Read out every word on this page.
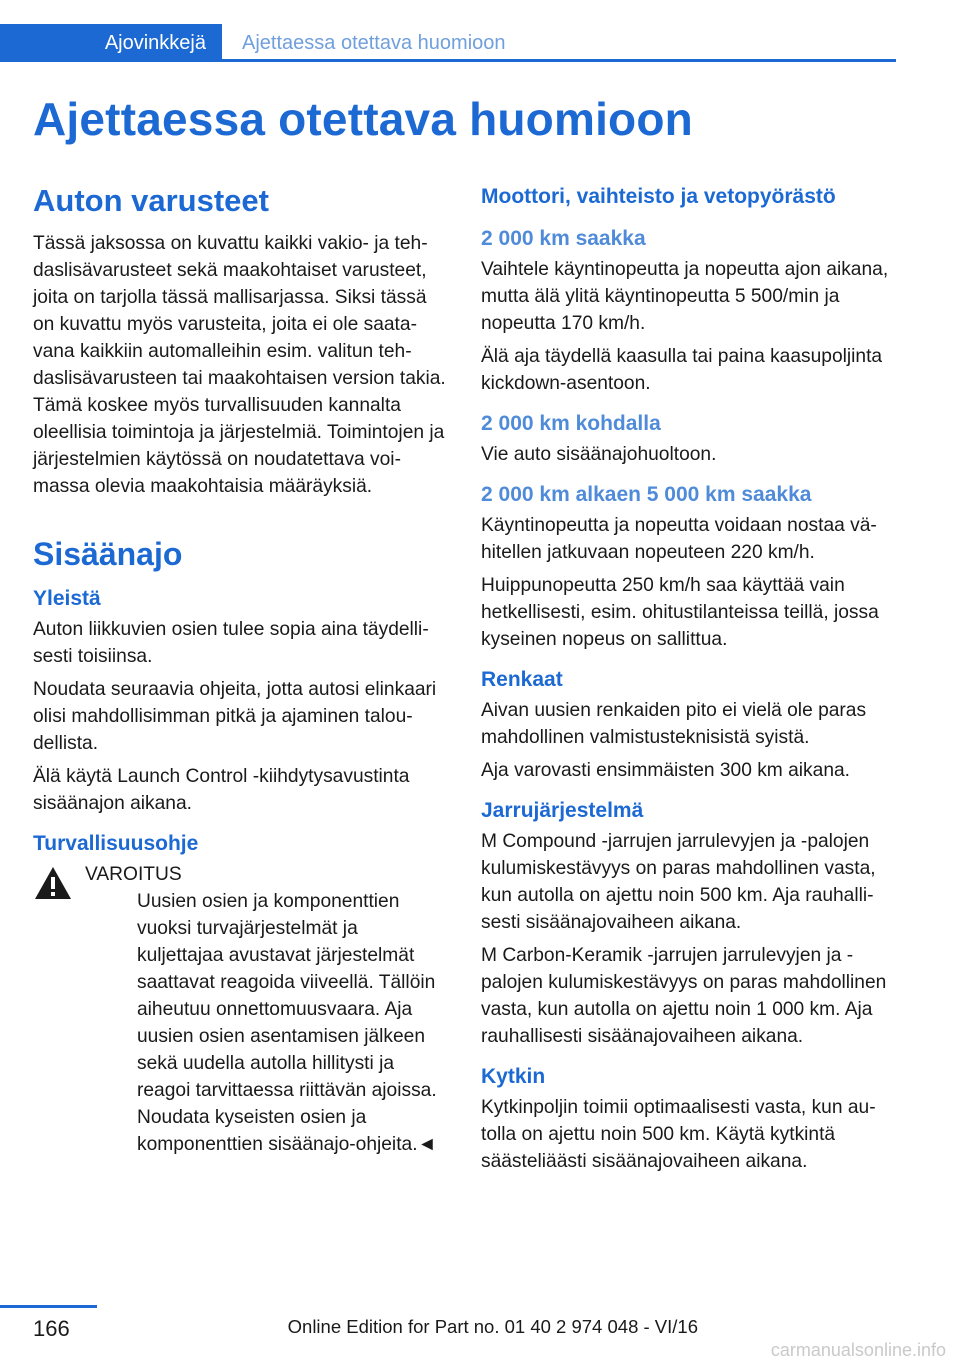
Ajovinkkejä	Ajettaessa otettava huomioon
Ajettaessa otettava huomioon
Auton varusteet

Tässä jaksossa on kuvattu kaikki vakio- ja tehdaslisävarusteet sekä maakohtaiset varusteet, joita on tarjolla tässä mallisarjassa. Siksi tässä on kuvattu myös varusteita, joita ei ole saatavana kaikkiin automalleihin esim. valitun tehdaslisävarusteen tai maakohtaisen version takia. Tämä koskee myös turvallisuuden kannalta oleellisia toimintoja ja järjestelmiä. Toimintojen ja järjestelmien käytössä on noudatettava voimassa olevia maakohtaisia määräyksiä.

Sisäänajo
Yleistä

Auton liikkuvien osien tulee sopia aina täydellisesti toisiinsa.

Noudata seuraavia ohjeita, jotta autosi elinkaari olisi mahdollisimman pitkä ja ajaminen taloudellista.

Älä käytä Launch Control -kiihdytysavustinta sisäänajon aikana.

Turvallisuusohje
VAROITUS

Uusien osien ja komponenttien vuoksi turvajärjestelmät ja kuljettajaa avustavat järjestelmät saattavat reagoida viiveellä. Tällöin aiheutuu onnettomuusvaara. Aja uusien osien asentamisen jälkeen sekä uudella autolla hillitysti ja reagoi tarvittaessa riittävän ajoissa. Noudata kyseisten osien ja komponenttien sisäänajo-ohjeita.◄

Moottori, vaihteisto ja vetopyörästö
2 000 km saakka

Vaihtele käyntinopeutta ja nopeutta ajon aikana, mutta älä ylitä käyntinopeutta 5 500/min ja nopeutta 170 km/h.

Älä aja täydellä kaasulla tai paina kaasupoljinta kickdown-asentoon.

2 000 km kohdalla

Vie auto sisäänajohuoltoon.

2 000 km alkaen 5 000 km saakka

Käyntinopeutta ja nopeutta voidaan nostaa vähitellen jatkuvaan nopeuteen 220 km/h.

Huippunopeutta 250 km/h saa käyttää vain hetkellisesti, esim. ohitustilanteissa teillä, jossa kyseinen nopeus on sallittua.

Renkaat

Aivan uusien renkaiden pito ei vielä ole paras mahdollinen valmistusteknisistä syistä.

Aja varovasti ensimmäisten 300 km aikana.

Jarrujärjestelmä

M Compound -jarrujen jarrulevyjen ja -palojen kulumiskestävyys on paras mahdollinen vasta, kun autolla on ajettu noin 500 km. Aja rauhallisesti sisäänajovaiheen aikana.

M Carbon-Keramik -jarrujen jarrulevyjen ja -palojen kulumiskestävyys on paras mahdollinen vasta, kun autolla on ajettu noin 1 000 km. Aja rauhallisesti sisäänajovaiheen aikana.

Kytkin

Kytkinpoljin toimii optimaalisesti vasta, kun autolla on ajettu noin 500 km. Käytä kytkintä säästeliäästi sisäänajovaiheen aikana.

166	Online Edition for Part no. 01 40 2 974 048 - VI/16
carmanualsonline.info
